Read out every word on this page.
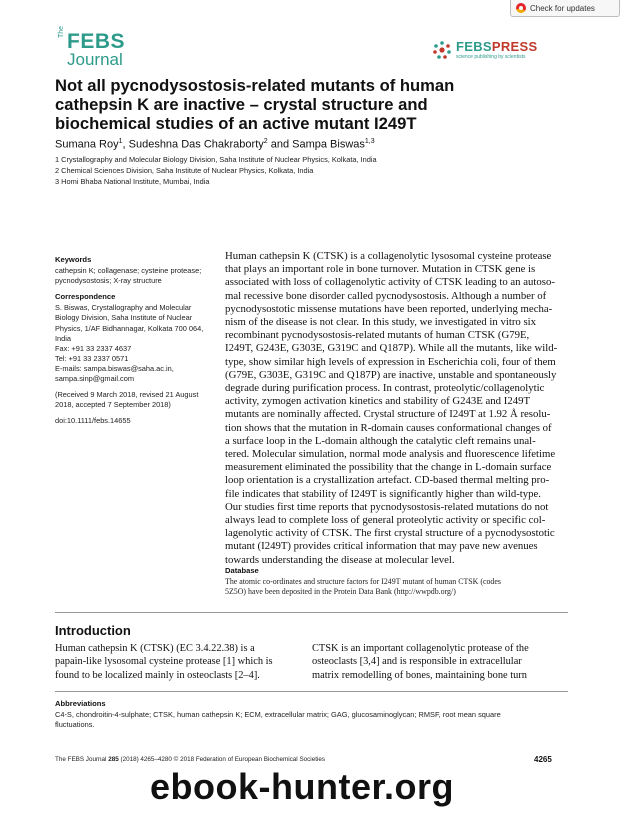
Check for updates
The FEBS
Journal
FEBSPRESS
science publishing by scientists
Not all pycnodysostosis-related mutants of human
cathepsin K are inactive – crystal structure and
biochemical studies of an active mutant I249T
Sumana Roy$^1$, Sudeshna Das Chakraborty$^2$ and Sampa Biswas$^{1,3}$
1 Crystallography and Molecular Biology Division, Saha Institute of Nuclear Physics, Kolkata, India
2 Chemical Sciences Division, Saha Institute of Nuclear Physics, Kolkata, India
3 Homi Bhaba National Institute, Mumbai, India
Keywords
cathepsin K; collagenase; cysteine protease;
pycnodysostosis; X-ray structure
Correspondence
S. Biswas, Crystallography and Molecular
Biology Division, Saha Institute of Nuclear
Physics, 1/AF Bidhannagar, Kolkata 700 064,
India
Fax: +91 33 2337 4637
Tel: +91 33 2337 0571
E-mails: sampa.biswas@saha.ac.in,
sampa.sinp@gmail.com
(Received 9 March 2018, revised 21 August
2018, accepted 7 September 2018)
doi:10.1111/febs.14655
Human cathepsin K (CTSK) is a collagenolytic lysosomal cysteine protease
that plays an important role in bone turnover. Mutation in CTSK gene is
associated with loss of collagenolytic activity of CTSK leading to an autoso-
mal recessive bone disorder called pycnodysostosis. Although a number of
pycnodysostotic missense mutations have been reported, underlying mecha-
nism of the disease is not clear. In this study, we investigated in vitro six
recombinant pycnodysostosis-related mutants of human CTSK (G79E,
I249T, G243E, G303E, G319C and Q187P). While all the mutants, like wild-
type, show similar high levels of expression in Escherichia coli, four of them
(G79E, G303E, G319C and Q187P) are inactive, unstable and spontaneously
degrade during purification process. In contrast, proteolytic/collagenolytic
activity, zymogen activation kinetics and stability of G243E and I249T
mutants are nominally affected. Crystal structure of I249T at 1.92 Å resolu-
tion shows that the mutation in R-domain causes conformational changes of
a surface loop in the L-domain although the catalytic cleft remains unal-
tered. Molecular simulation, normal mode analysis and fluorescence lifetime
measurement eliminated the possibility that the change in L-domain surface
loop orientation is a crystallization artefact. CD-based thermal melting pro-
file indicates that stability of I249T is significantly higher than wild-type.
Our studies first time reports that pycnodysostosis-related mutations do not
always lead to complete loss of general proteolytic activity or specific col-
lagenolytic activity of CTSK. The first crystal structure of a pycnodysostotic
mutant (I249T) provides critical information that may pave new avenues
towards understanding the disease at molecular level.
Database
The atomic co-ordinates and structure factors for I249T mutant of human CTSK (codes
5Z5O) have been deposited in the Protein Data Bank (http://wwpdb.org/)
Introduction
Human cathepsin K (CTSK) (EC 3.4.22.38) is a
papain-like lysosomal cysteine protease [1] which is
found to be localized mainly in osteoclasts [2–4].
CTSK is an important collagenolytic protease of the
osteoclasts [3,4] and is responsible in extracellular
matrix remodelling of bones, maintaining bone turn
Abbreviations
C4-S, chondroitin-4-sulphate; CTSK, human cathepsin K; ECM, extracellular matrix; GAG, glucosaminoglycan; RMSF, root mean square
fluctuations.
The FEBS Journal 285 (2018) 4265–4280 © 2018 Federation of European Biochemical Societies	4265
ebook-hunter.org
